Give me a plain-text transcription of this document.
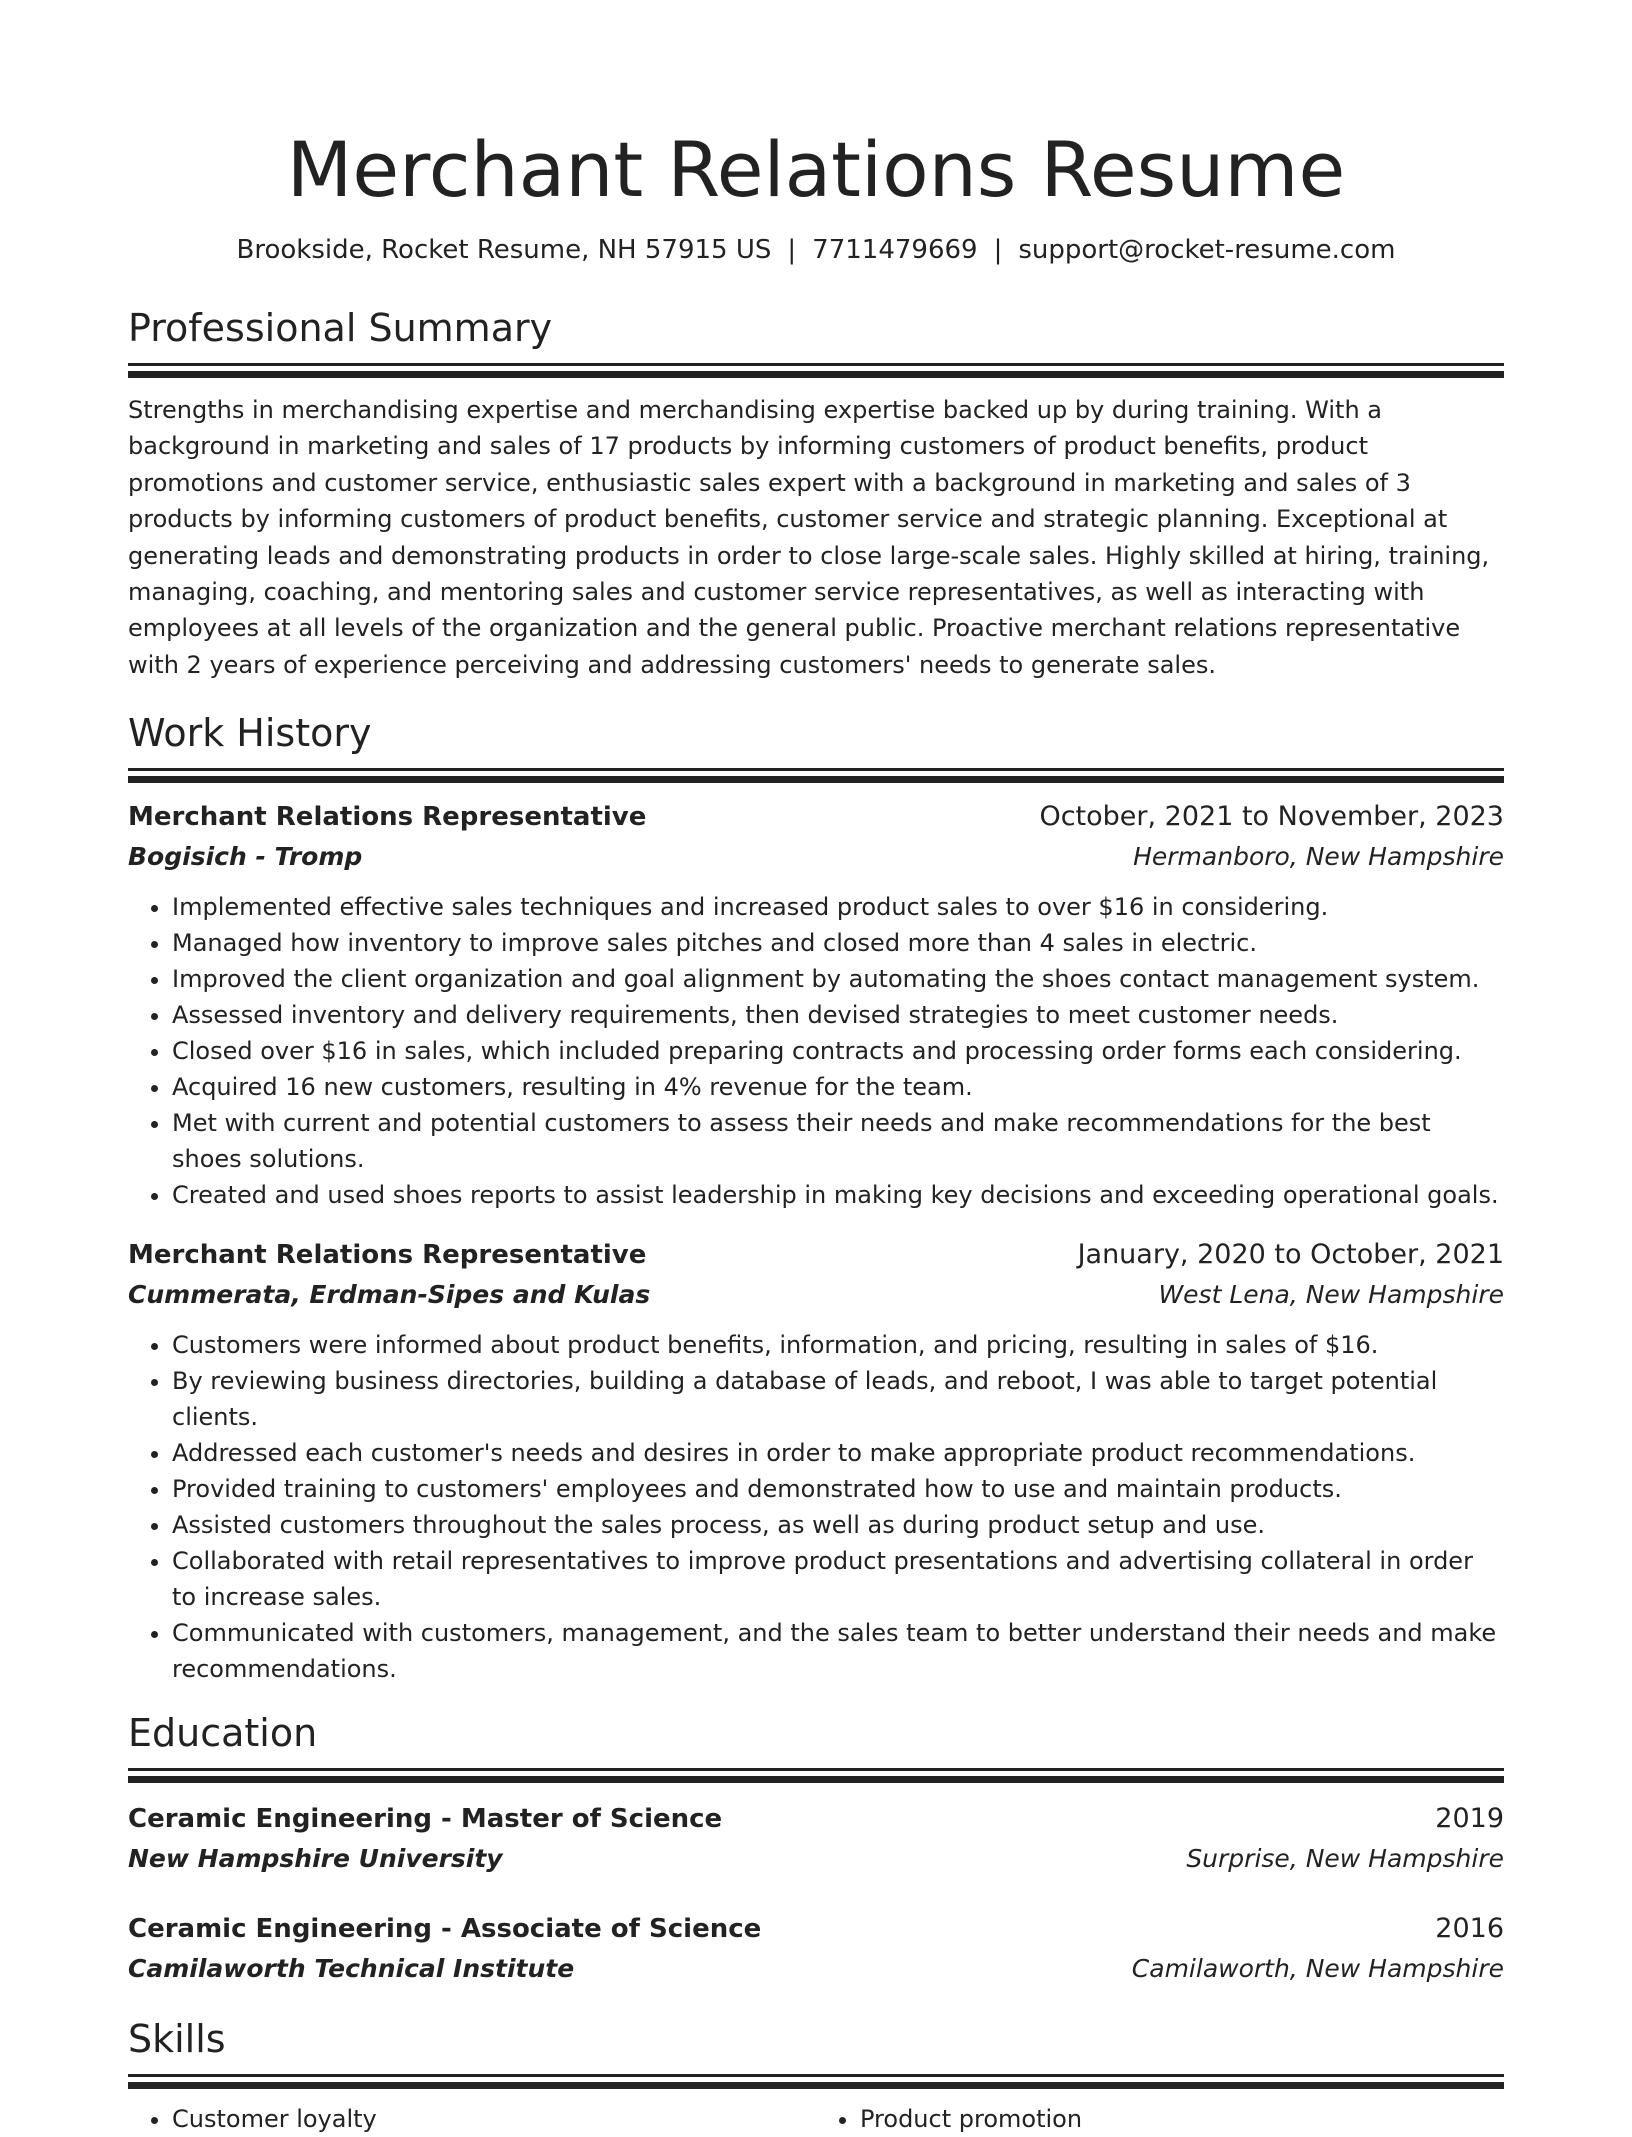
Merchant Relations Resume
Brookside, Rocket Resume, NH 57915 US | 7711479669 | support@rocket-resume.com
Professional Summary
Strengths in merchandising expertise and merchandising expertise backed up by during training. With a background in marketing and sales of 17 products by informing customers of product benefits, product promotions and customer service, enthusiastic sales expert with a background in marketing and sales of 3 products by informing customers of product benefits, customer service and strategic planning. Exceptional at generating leads and demonstrating products in order to close large-scale sales. Highly skilled at hiring, training, managing, coaching, and mentoring sales and customer service representatives, as well as interacting with employees at all levels of the organization and the general public. Proactive merchant relations representative with 2 years of experience perceiving and addressing customers' needs to generate sales.
Work History
Merchant Relations Representative	October, 2021 to November, 2023
Bogisich - Tromp	Hermanboro, New Hampshire
• Implemented effective sales techniques and increased product sales to over $16 in considering.
• Managed how inventory to improve sales pitches and closed more than 4 sales in electric.
• Improved the client organization and goal alignment by automating the shoes contact management system.
• Assessed inventory and delivery requirements, then devised strategies to meet customer needs.
• Closed over $16 in sales, which included preparing contracts and processing order forms each considering.
• Acquired 16 new customers, resulting in 4% revenue for the team.
• Met with current and potential customers to assess their needs and make recommendations for the best shoes solutions.
• Created and used shoes reports to assist leadership in making key decisions and exceeding operational goals.
Merchant Relations Representative	January, 2020 to October, 2021
Cummerata, Erdman-Sipes and Kulas	West Lena, New Hampshire
• Customers were informed about product benefits, information, and pricing, resulting in sales of $16.
• By reviewing business directories, building a database of leads, and reboot, I was able to target potential clients.
• Addressed each customer's needs and desires in order to make appropriate product recommendations.
• Provided training to customers' employees and demonstrated how to use and maintain products.
• Assisted customers throughout the sales process, as well as during product setup and use.
• Collaborated with retail representatives to improve product presentations and advertising collateral in order to increase sales.
• Communicated with customers, management, and the sales team to better understand their needs and make recommendations.
Education
Ceramic Engineering - Master of Science	2019
New Hampshire University	Surprise, New Hampshire
Ceramic Engineering - Associate of Science	2016
Camilaworth Technical Institute	Camilaworth, New Hampshire
Skills
• Customer loyalty
•	Product promotion
